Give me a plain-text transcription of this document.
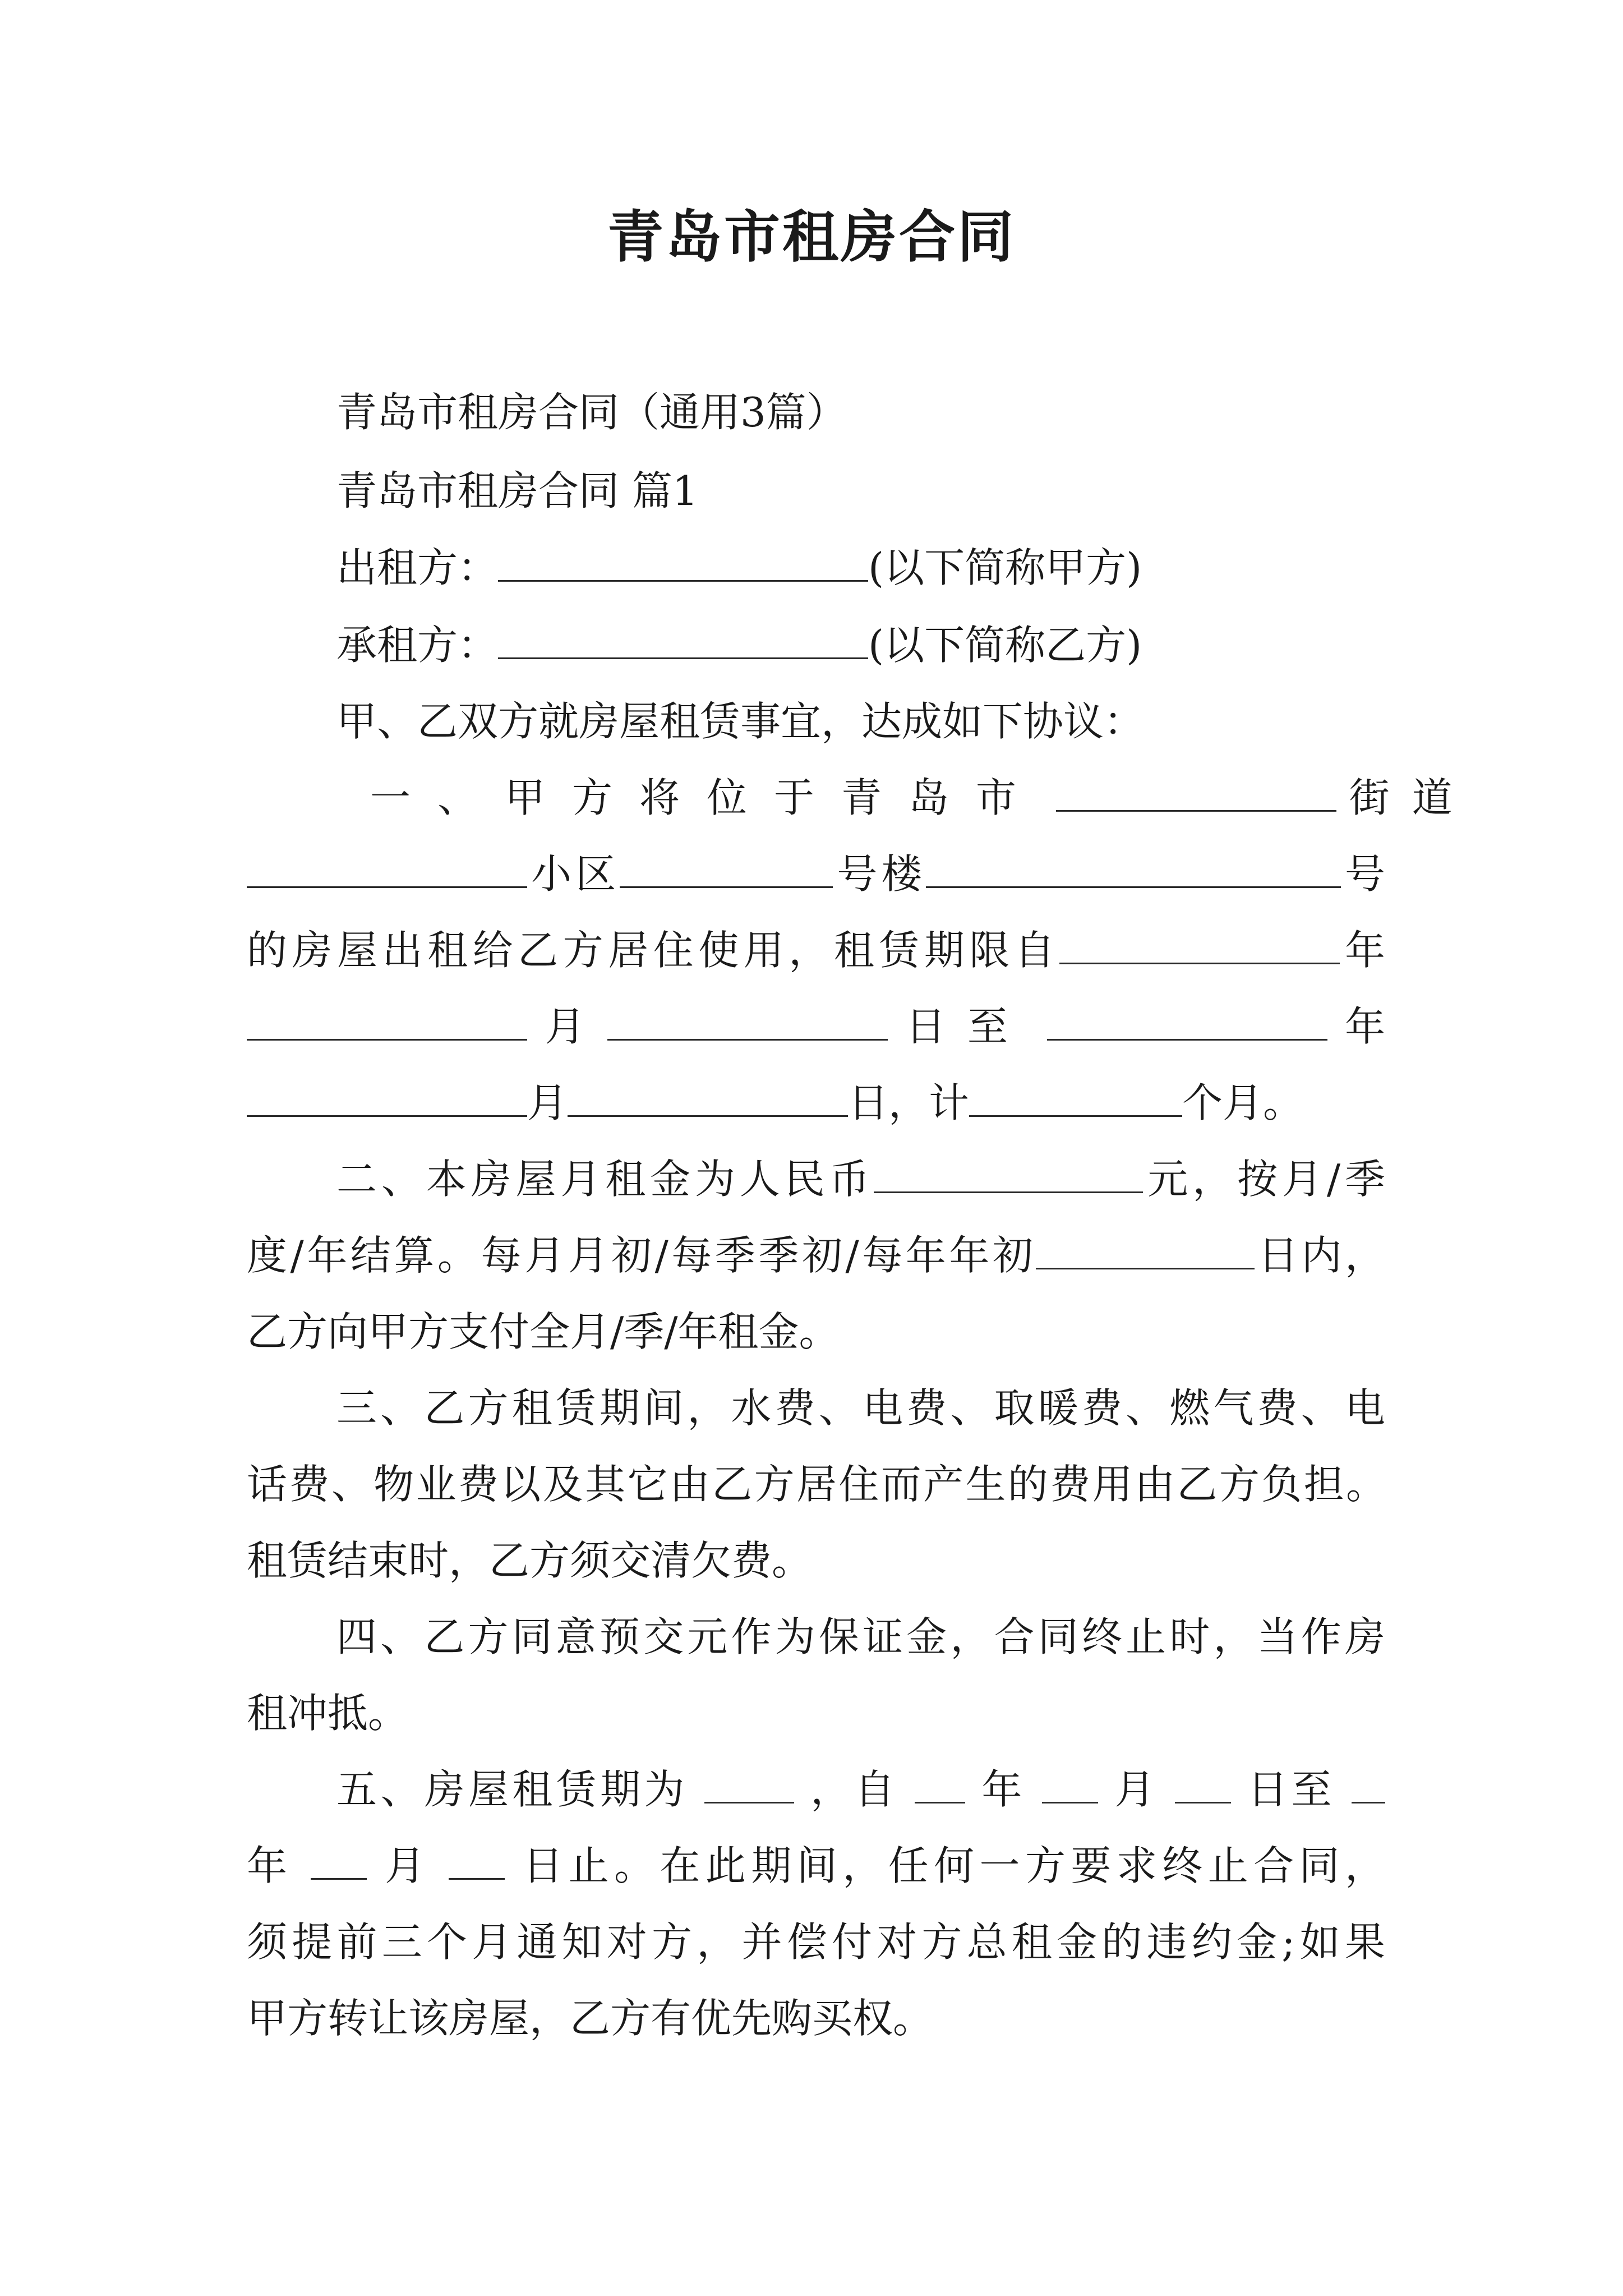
青岛市租房合同
青岛市租房合同（通用3篇）
青岛市租房合同 篇1
出租方：	(以下简称甲方)
承租方：	(以下简称乙方)
甲、乙双方就房屋租赁事宜，达成如下协议：
一、甲方将位于青岛市	街道
小区	号楼	号
的房屋出租给乙方居住使用，租赁期限自	年
月	日至	年
月	日，计	个月。
二、本房屋月租金为人民币	元，按月/季
度/年结算。每月月初/每季季初/每年年初	日内，
乙方向甲方支付全月/季/年租金。
三、乙方租赁期间，水费、电费、取暖费、燃气费、电
话费、物业费以及其它由乙方居住而产生的费用由乙方负担。
租赁结束时，乙方须交清欠费。
四、乙方同意预交元作为保证金，合同终止时，当作房
租冲抵。
五、房屋租赁期为	，自 年 月 日至
年 月 日止。在此期间，任何一方要求终止合同，
须提前三个月通知对方，并偿付对方总租金的违约金;如果
甲方转让该房屋，乙方有优先购买权。
